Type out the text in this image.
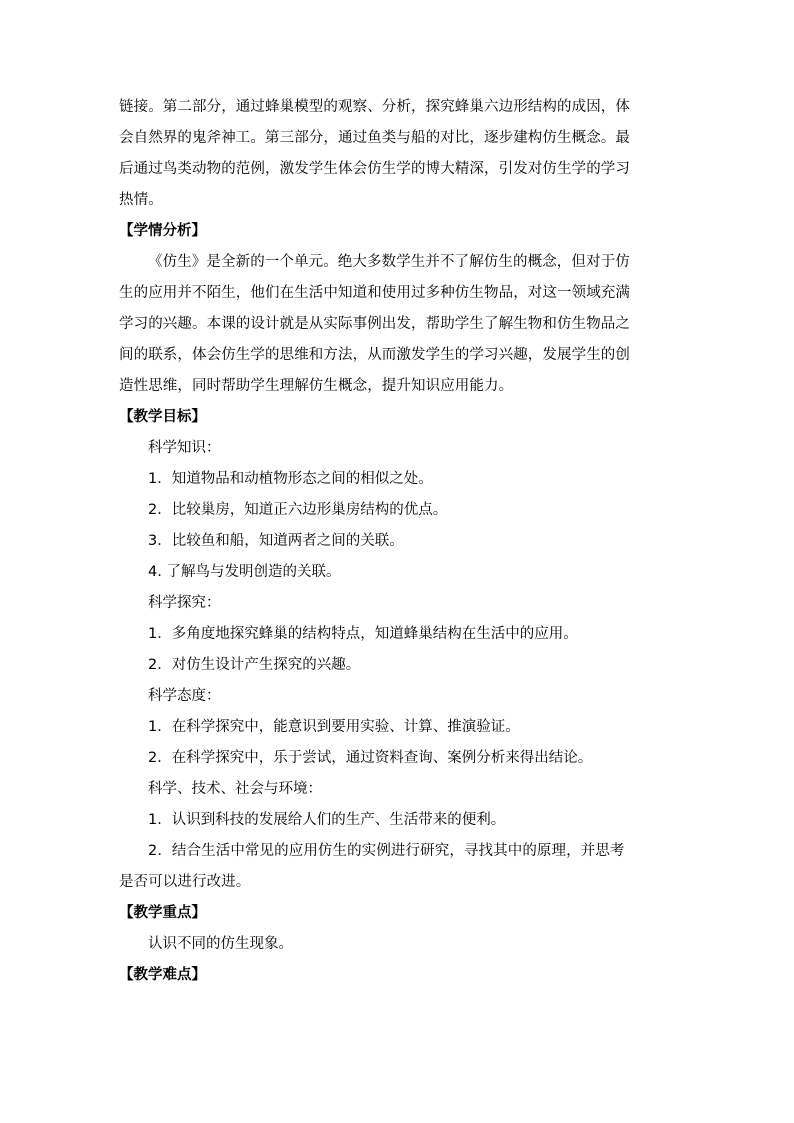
链接。第二部分，通过蜂巢模型的观察、分析，探究蜂巢六边形结构的成因，体
会自然界的鬼斧神工。第三部分，通过鱼类与船的对比，逐步建构仿生概念。最
后通过鸟类动物的范例，激发学生体会仿生学的博大精深，引发对仿生学的学习
热情。

【学情分析】

《仿生》是全新的一个单元。绝大多数学生并不了解仿生的概念，但对于仿
生的应用并不陌生，他们在生活中知道和使用过多种仿生物品，对这一领域充满
学习的兴趣。本课的设计就是从实际事例出发，帮助学生了解生物和仿生物品之
间的联系，体会仿生学的思维和方法，从而激发学生的学习兴趣，发展学生的创
造性思维，同时帮助学生理解仿生概念，提升知识应用能力。

【教学目标】

科学知识：

1．知道物品和动植物形态之间的相似之处。

2．比较巢房，知道正六边形巢房结构的优点。

3．比较鱼和船，知道两者之间的关联。

4. 了解鸟与发明创造的关联。

科学探究：

1．多角度地探究蜂巢的结构特点，知道蜂巢结构在生活中的应用。

2．对仿生设计产生探究的兴趣。

科学态度：

1．在科学探究中，能意识到要用实验、计算、推演验证。

2．在科学探究中，乐于尝试，通过资料查询、案例分析来得出结论。

科学、技术、社会与环境：

1．认识到科技的发展给人们的生产、生活带来的便利。

2．结合生活中常见的应用仿生的实例进行研究，寻找其中的原理，并思考
是否可以进行改进。

【教学重点】

认识不同的仿生现象。

【教学难点】
